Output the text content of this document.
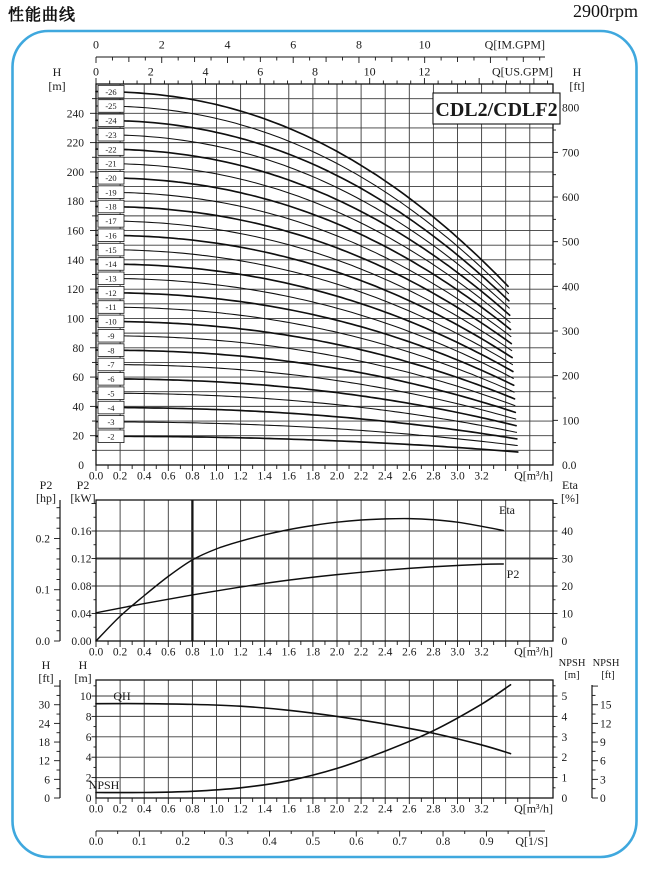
性能曲线	2900rpm
0	2	4	6	8	10	Q[IM.GPM]
0	2	4	6	8	10	12	Q[US.GPM]
0
20
40
60
80
100
120
140
160
180
200
220
240
H
[m]
0.0
100
200
300
400
500
600
700
800
H
[ft]
-2
-3
-4
-5
-6
-7
-8
-9
-10
-11
-12
-13
-14
-15
-16
-17
-18
-19
-20
-21
-22
-23
-24
-25
-26
CDL2/CDLF2
0.0 0.2 0.4 0.6 0.8 1.0 1.2 1.4 1.6 1.8 2.0 2.2 2.4 2.6 2.8 3.0 3.2 Q[m³/h]
0.00
0.04
0.08
0.12
0.16
P2
[kW]
0.0
0.1
0.2
P2
[hp]
0
10
20
30
40
Eta
[%]
Eta
P2
0.0 0.2 0.4 0.6 0.8 1.0 1.2 1.4 1.6 1.8 2.0 2.2 2.4 2.6 2.8 3.0 3.2 Q[m³/h]
0
2
4
6
8
10
H
[m]
0
6
12
18
24
30
H
[ft]
0
1
2
3
4
5
NPSH
[m]
0
3
6
9
12
15
NPSH
[ft]
QH
NPSH
0.0 0.2 0.4 0.6 0.8 1.0 1.2 1.4 1.6 1.8 2.0 2.2 2.4 2.6 2.8 3.0 3.2 Q[m³/h]
0.0	0.1	0.2	0.3	0.4	0.5	0.6	0.7	0.8	0.9 Q[1/S]
